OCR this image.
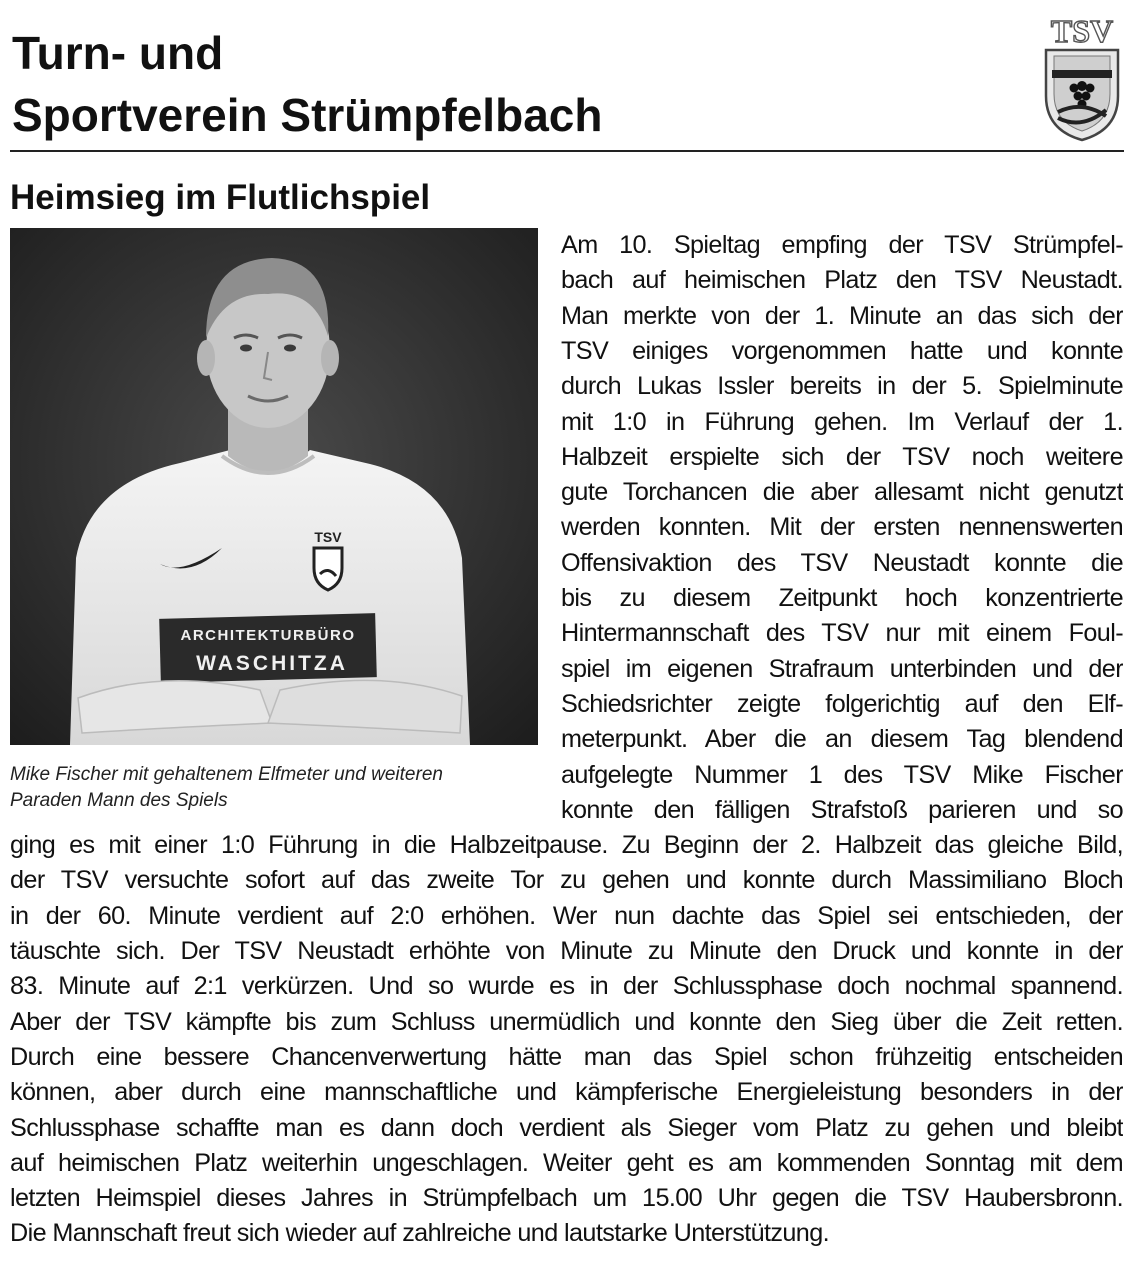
Turn- und
Sportverein Strümpfelbach
TSV
Heimsieg im Flutlichspiel
TSV
ARCHITEKTURBÜRO
WASCHITZA

Mike Fischer mit gehaltenem Elfmeter und weiteren
Paraden Mann des Spiels

Am 10. Spieltag empfing der TSV Strümpfel-
bach auf heimischen Platz den TSV Neustadt.
Man merkte von der 1. Minute an das sich der
TSV einiges vorgenommen hatte und konnte
durch Lukas Issler bereits in der 5. Spielminute
mit 1:0 in Führung gehen. Im Verlauf der 1.
Halbzeit erspielte sich der TSV noch weitere
gute Torchancen die aber allesamt nicht genutzt
werden konnten. Mit der ersten nennenswerten
Offensivaktion des TSV Neustadt konnte die
bis zu diesem Zeitpunkt hoch konzentrierte
Hintermannschaft des TSV nur mit einem Foul-
spiel im eigenen Strafraum unterbinden und der
Schiedsrichter zeigte folgerichtig auf den Elf-
meterpunkt. Aber die an diesem Tag blendend
aufgelegte Nummer 1 des TSV Mike Fischer
konnte den fälligen Strafstoß parieren und so
ging es mit einer 1:0 Führung in die Halbzeitpause. Zu Beginn der 2. Halbzeit das gleiche Bild,
der TSV versuchte sofort auf das zweite Tor zu gehen und konnte durch Massimiliano Bloch
in der 60. Minute verdient auf 2:0 erhöhen. Wer nun dachte das Spiel sei entschieden, der
täuschte sich. Der TSV Neustadt erhöhte von Minute zu Minute den Druck und konnte in der
83. Minute auf 2:1 verkürzen. Und so wurde es in der Schlussphase doch nochmal spannend.
Aber der TSV kämpfte bis zum Schluss unermüdlich und konnte den Sieg über die Zeit retten.
Durch eine bessere Chancenverwertung hätte man das Spiel schon frühzeitig entscheiden
können, aber durch eine mannschaftliche und kämpferische Energieleistung besonders in der
Schlussphase schaffte man es dann doch verdient als Sieger vom Platz zu gehen und bleibt
auf heimischen Platz weiterhin ungeschlagen. Weiter geht es am kommenden Sonntag mit dem
letzten Heimspiel dieses Jahres in Strümpfelbach um 15.00 Uhr gegen die TSV Haubersbronn.
Die Mannschaft freut sich wieder auf zahlreiche und lautstarke Unterstützung.
